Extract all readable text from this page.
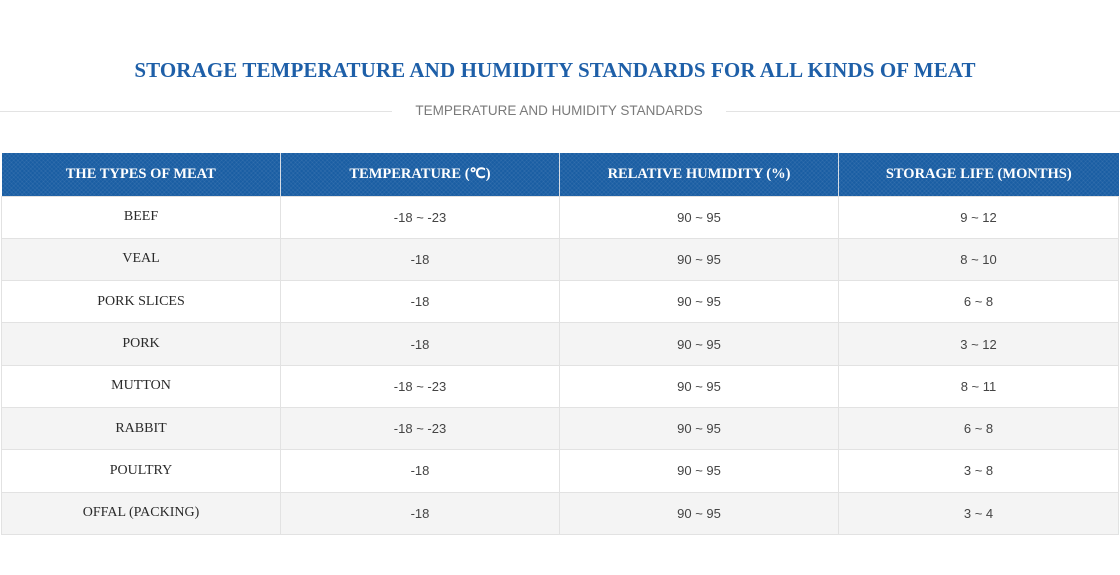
STORAGE TEMPERATURE AND HUMIDITY STANDARDS FOR ALL KINDS OF MEAT
TEMPERATURE AND HUMIDITY STANDARDS
THE TYPES OF MEAT	TEMPERATURE (℃)	RELATIVE HUMIDITY (%)	STORAGE LIFE (MONTHS)
BEEF	-18 ~ -23	90 ~ 95	9 ~ 12
VEAL	-18	90 ~ 95	8 ~ 10
PORK SLICES	-18	90 ~ 95	6 ~ 8
PORK	-18	90 ~ 95	3 ~ 12
MUTTON	-18 ~ -23	90 ~ 95	8 ~ 11
RABBIT	-18 ~ -23	90 ~ 95	6 ~ 8
POULTRY	-18	90 ~ 95	3 ~ 8
OFFAL (PACKING)	-18	90 ~ 95	3 ~ 4
